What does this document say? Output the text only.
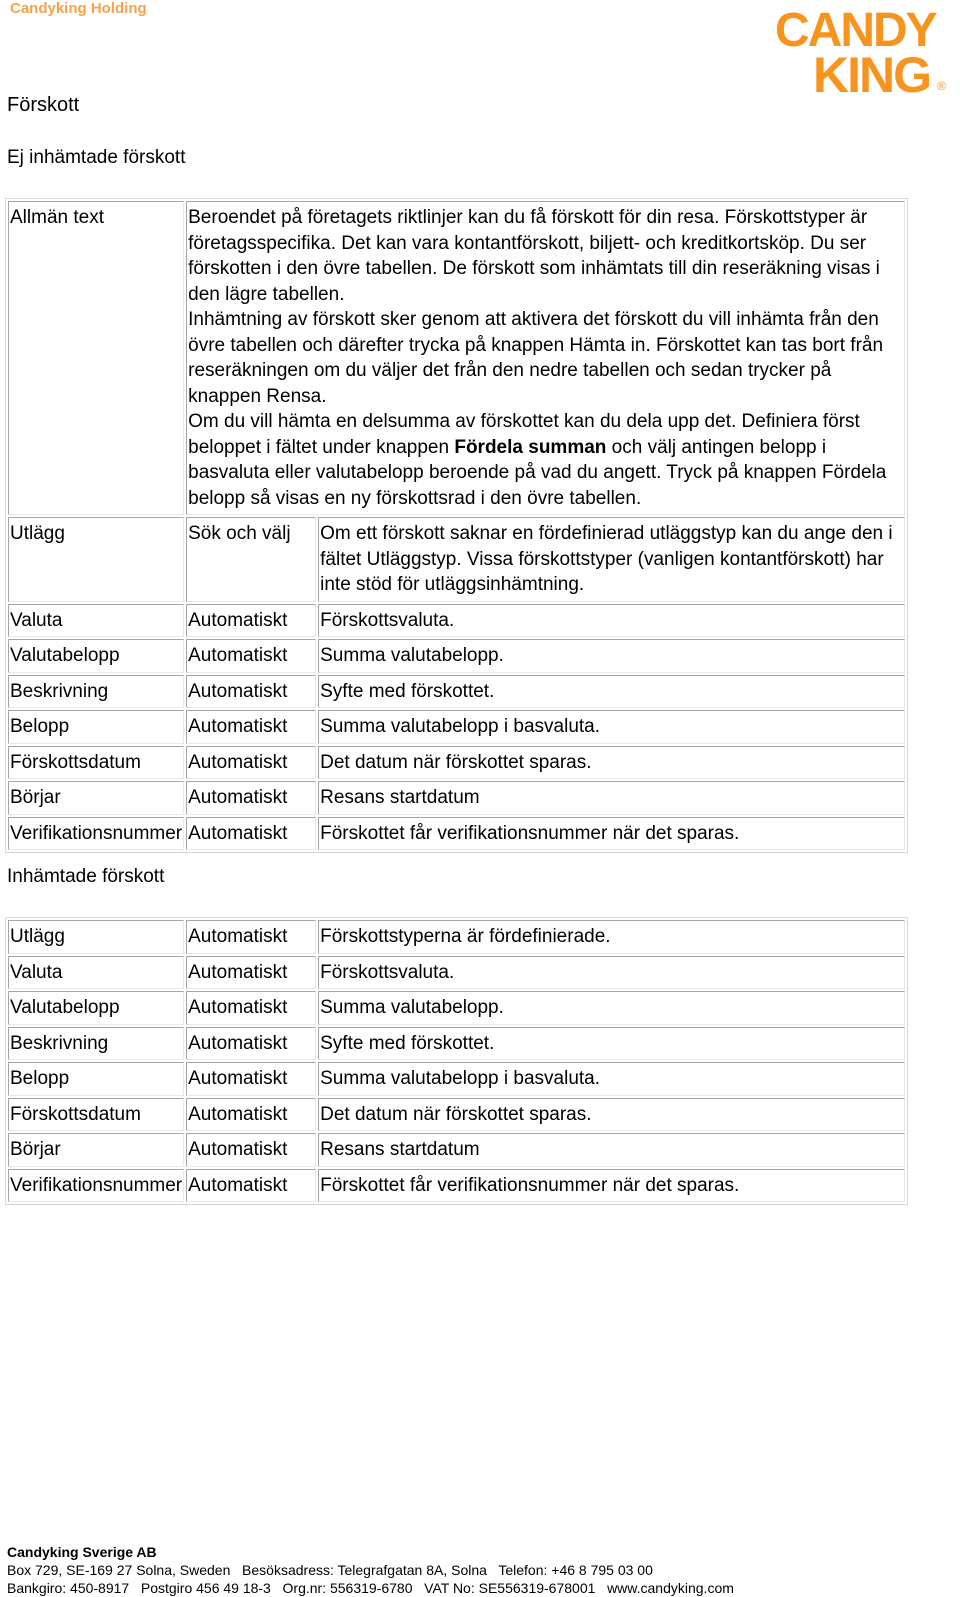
Candyking Holding	CANDY
KING ®
Förskott
Ej inhämtade förskott
Allmän text	Beroendet på företagets riktlinjer kan du få förskott för din resa. Förskottstyper är företagsspecifika. Det kan vara kontantförskott, biljett- och kreditkortsköp. Du ser förskotten i den övre tabellen. De förskott som inhämtats till din reseräkning visas i den lägre tabellen.
Inhämtning av förskott sker genom att aktivera det förskott du vill inhämta från den övre tabellen och därefter trycka på knappen Hämta in. Förskottet kan tas bort från reseräkningen om du väljer det från den nedre tabellen och sedan trycker på knappen Rensa.
Om du vill hämta en delsumma av förskottet kan du dela upp det. Definiera först beloppet i fältet under knappen Fördela summan och välj antingen belopp i basvaluta eller valutabelopp beroende på vad du angett. Tryck på knappen Fördela belopp så visas en ny förskottsrad i den övre tabellen.	

Utlägg	Sök och välj	Om ett förskott saknar en fördefinierad utläggstyp kan du ange den i fältet Utläggstyp. Vissa förskottstyper (vanligen kontantförskott) har inte stöd för utläggsinhämtning.
Valuta	Automatiskt	Förskottsvaluta.
Valutabelopp	Automatiskt	Summa valutabelopp.
Beskrivning	Automatiskt	Syfte med förskottet.
Belopp	Automatiskt	Summa valutabelopp i basvaluta.
Förskottsdatum	Automatiskt	Det datum när förskottet sparas.
Börjar	Automatiskt	Resans startdatum
Verifikationsnummer	Automatiskt	Förskottet får verifikationsnummer när det sparas.
Inhämtade förskott
Utlägg	Automatiskt	Förskottstyperna är fördefinierade.
Valuta	Automatiskt	Förskottsvaluta.
Valutabelopp	Automatiskt	Summa valutabelopp.
Beskrivning	Automatiskt	Syfte med förskottet.
Belopp	Automatiskt	Summa valutabelopp i basvaluta.
Förskottsdatum	Automatiskt	Det datum när förskottet sparas.
Börjar	Automatiskt	Resans startdatum
Verifikationsnummer	Automatiskt	Förskottet får verifikationsnummer när det sparas.
Candyking Sverige AB
Box 729, SE-169 27 Solna, Sweden   Besöksadress: Telegrafgatan 8A, Solna   Telefon: +46 8 795 03 00
Bankgiro: 450-8917   Postgiro 456 49 18-3   Org.nr: 556319-6780   VAT No: SE556319-678001   www.candyking.com
